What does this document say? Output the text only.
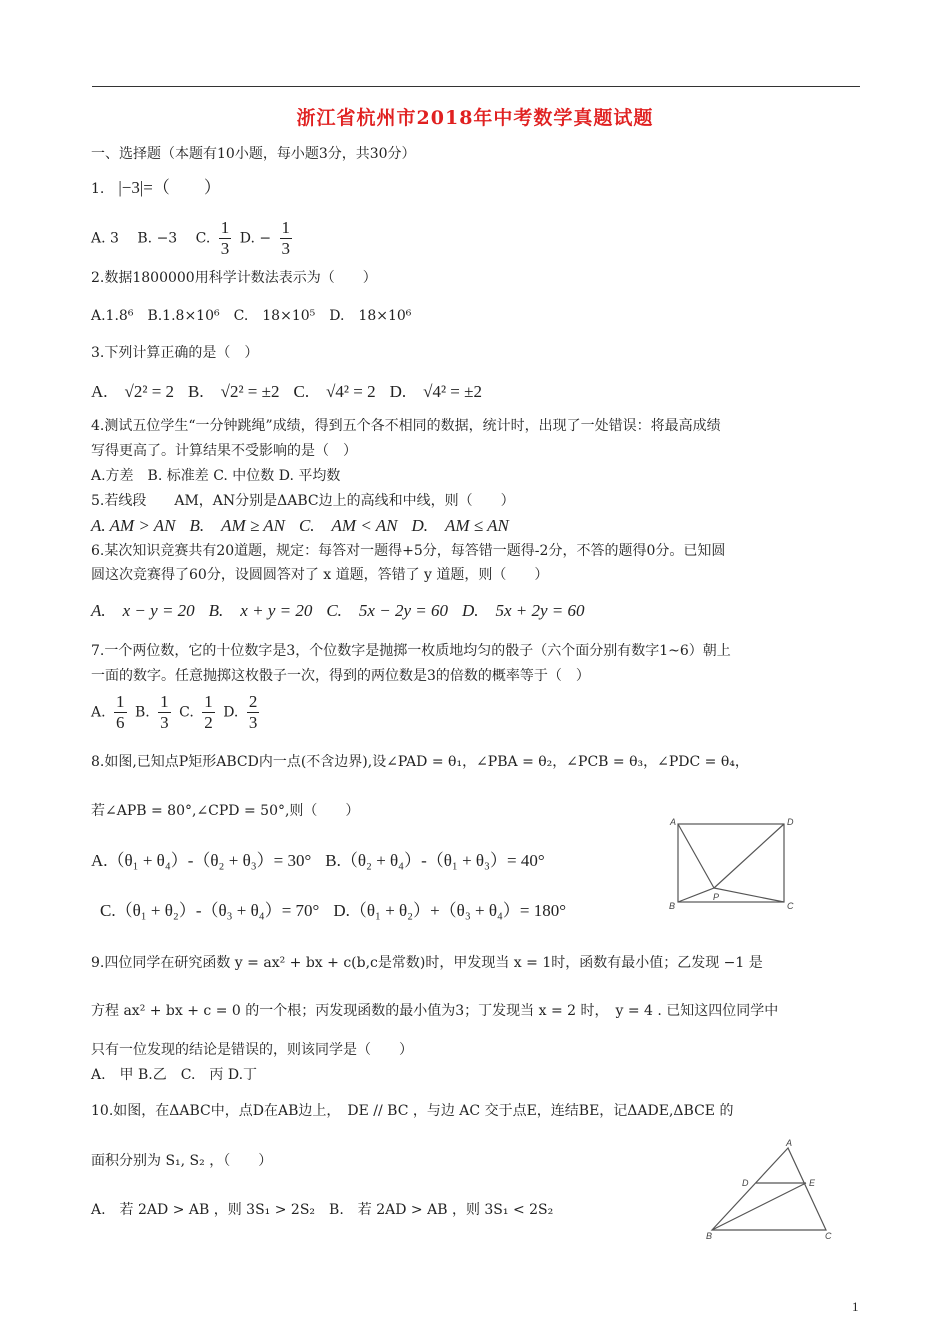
浙江省杭州市2018年中考数学真题试题
一、选择题（本题有10小题，每小题3分，共30分）
1. |−3|=（　　）
A. 3 B. −3 C. $\frac{1}{3} D$. − $\frac{1}{3}$
2.数据1800000用科学计数法表示为（　　）
A.1.8⁶ B.1.8×10⁶ C.　18×10⁵ D.　18×10⁶
3.下列计算正确的是（　）
A.　√2² = 2 B.　√2² = ±2 C.　√4² = 2 D.　√4² = ±2
4.测试五位学生“一分钟跳绳”成绩，得到五个各不相同的数据，统计时，出现了一处错误：将最高成绩
写得更高了。计算结果不受影响的是（　）
A.方差　B. 标准差 C. 中位数 D. 平均数
5.若线段　　AM，AN分别是ΔABC边上的高线和中线，则（　　）
A. AM > AN B.　AM ≥ AN C.　AM < AN D.　AM ≤ AN
6.某次知识竞赛共有20道题，规定：每答对一题得+5分，每答错一题得-2分，不答的题得0分。已知圆
圆这次竞赛得了60分，设圆圆答对了 x 道题，答错了 y 道题，则（　　）
A.　x − y = 20 B.　x + y = 20 C.　5x − 2y = 60 D.　5x + 2y = 60
7.一个两位数，它的十位数字是3，个位数字是抛掷一枚质地均匀的骰子（六个面分别有数字1~6）朝上
一面的数字。任意抛掷这枚骰子一次，得到的两位数是3的倍数的概率等于（　）
A. $\frac{1}{6} B$. $\frac{1}{3} C$. $\frac{1}{2} D$. $\frac{2}{3}$
8.如图,已知点P矩形ABCD内一点(不含边界),设∠PAD = θ₁，∠PBA = θ₂，∠PCB = θ₃，∠PDC = θ₄，
若∠APB = 80°,∠CPD = 50°,则（　　）
A.（θ₁ + θ₄）-（θ₂ + θ₃）= 30° B.（θ₂ + θ₄）-（θ₁ + θ₃）= 40°
C.（θ₁ + θ₂）-（θ₃ + θ₄）= 70° D.（θ₁ + θ₂）+（θ₃ + θ₄）= 180°
A	D
B	C
P
9.四位同学在研究函数 y = ax² + bx + c(b,c是常数)时，甲发现当 x = 1时，函数有最小值；乙发现 −1 是
方程 ax² + bx + c = 0 的一个根；丙发现函数的最小值为3；丁发现当 x = 2 时，　y = 4 . 已知这四位同学中
只有一位发现的结论是错误的，则该同学是（　　）
A.　甲 B.乙　C.　丙 D.丁
10.如图，在ΔABC中，点D在AB边上，　DE // BC ，与边 AC 交于点E，连结BE，记ΔADE,ΔBCE 的
面积分别为 S₁, S₂ ，（　　）
A.　若 2AD > AB ，则 3S₁ > 2S₂　B.　若 2AD > AB ，则 3S₁ < 2S₂
A
D	E
B	C
1
